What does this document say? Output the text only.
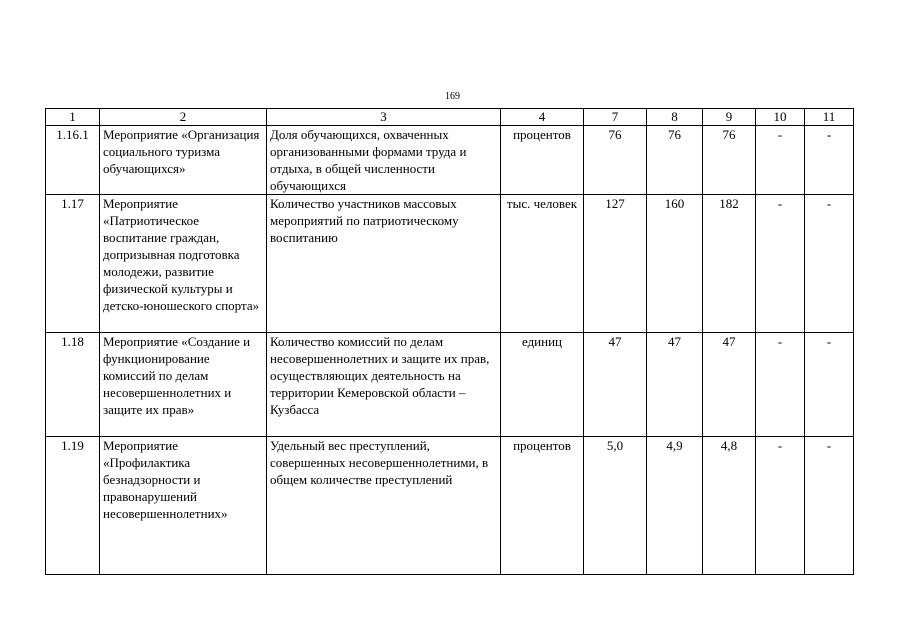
169
1	2	3	4	7	8	9	10	11
1.16.1	Мероприятие «Организация социального туризма обучающихся»	Доля обучающихся, охваченных организованными формами труда и отдыха, в общей численности обучающихся	процентов	76	76	76	-	-
1.17	Мероприятие «Патриотическое воспитание граждан, допризывная подготовка молодежи, развитие физической культуры и детско-юношеского спорта»	Количество участников массовых мероприятий по патриотическому воспитанию	тыс. человек	127	160	182	-	-
1.18	Мероприятие «Создание и функционирование комиссий по делам несовершеннолетних и защите их прав»	Количество комиссий по делам несовершеннолетних и защите их прав, осуществляющих деятельность на территории Кемеровской области – Кузбасса	единиц	47	47	47	-	-
1.19	Мероприятие «Профилактика безнадзорности и правонарушений несовершеннолетних»	Удельный вес преступлений, совершенных несовершеннолетними, в общем количестве преступлений	процентов	5,0	4,9	4,8	-	-
